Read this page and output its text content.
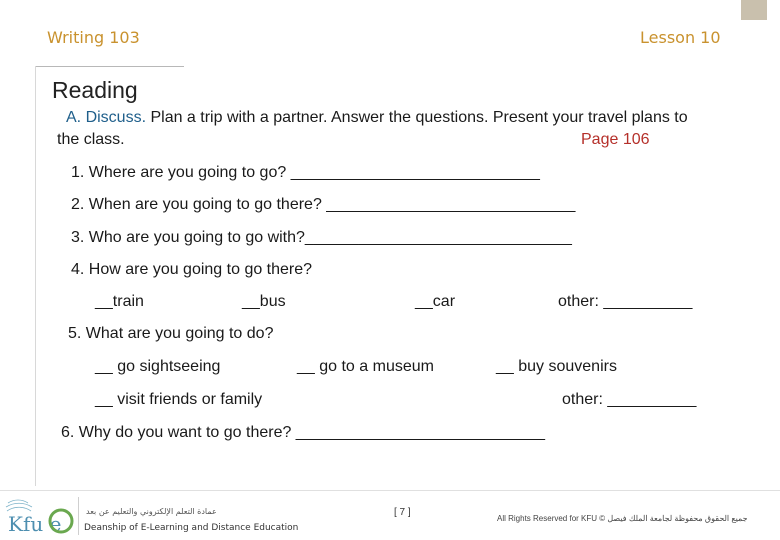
Writing 103	Lesson 10
Reading
A. Discuss. Plan a trip with a partner. Answer the questions. Present your travel plans to
the class.	Page 106
1. Where are you going to go? ____________________________
2. When are you going to go there? ____________________________
3. Who are you going to go with?______________________________
4. How are you going to go there?
__train	__bus	__car	other: __________
5. What are you going to do?
__ go sightseeing	__ go to a museum	__ buy souvenirs
__ visit friends or family	other: __________
6. Why do you want to go there? ____________________________
Kfu e
عمادة التعلم الإلكتروني والتعليم عن بعد
Deanship of E-Learning and Distance Education
[ 7 ]
All Rights Reserved for KFU © جميع الحقوق محفوظة لجامعة الملك فيصل
